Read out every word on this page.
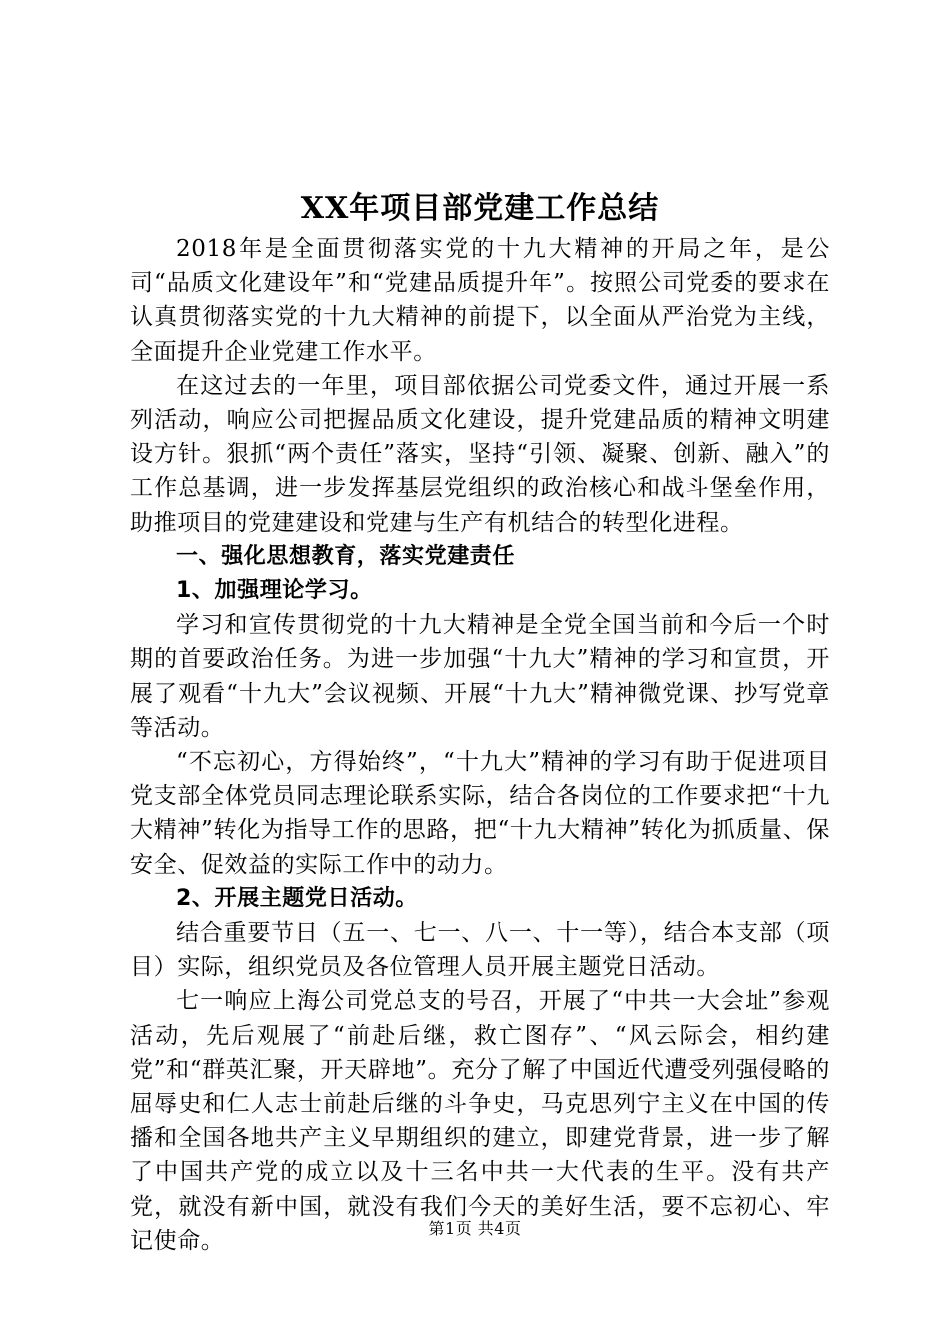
XX年项目部党建工作总结

2018年是全面贯彻落实党的十九大精神的开局之年，是公司“品质文化建设年”和“党建品质提升年”。按照公司党委的要求在认真贯彻落实党的十九大精神的前提下，以全面从严治党为主线，全面提升企业党建工作水平。

在这过去的一年里，项目部依据公司党委文件，通过开展一系列活动，响应公司把握品质文化建设，提升党建品质的精神文明建设方针。狠抓“两个责任”落实，坚持“引领、凝聚、创新、融入”的工作总基调，进一步发挥基层党组织的政治核心和战斗堡垒作用，助推项目的党建建设和党建与生产有机结合的转型化进程。

一、强化思想教育，落实党建责任

1、加强理论学习。

学习和宣传贯彻党的十九大精神是全党全国当前和今后一个时期的首要政治任务。为进一步加强“十九大”精神的学习和宣贯，开展了观看“十九大”会议视频、开展“十九大”精神微党课、抄写党章等活动。

“不忘初心，方得始终”，“十九大”精神的学习有助于促进项目党支部全体党员同志理论联系实际，结合各岗位的工作要求把“十九大精神”转化为指导工作的思路，把“十九大精神”转化为抓质量、保安全、促效益的实际工作中的动力。

2、开展主题党日活动。

结合重要节日（五一、七一、八一、十一等），结合本支部（项目）实际，组织党员及各位管理人员开展主题党日活动。

七一响应上海公司党总支的号召，开展了“中共一大会址”参观活动，先后观展了“前赴后继，救亡图存”、“风云际会，相约建党”和“群英汇聚，开天辟地”。充分了解了中国近代遭受列强侵略的屈辱史和仁人志士前赴后继的斗争史，马克思列宁主义在中国的传播和全国各地共产主义早期组织的建立，即建党背景，进一步了解了中国共产党的成立以及十三名中共一大代表的生平。没有共产党，就没有新中国，就没有我们今天的美好生活，要不忘初心、牢记使命。	第1页 共4页
